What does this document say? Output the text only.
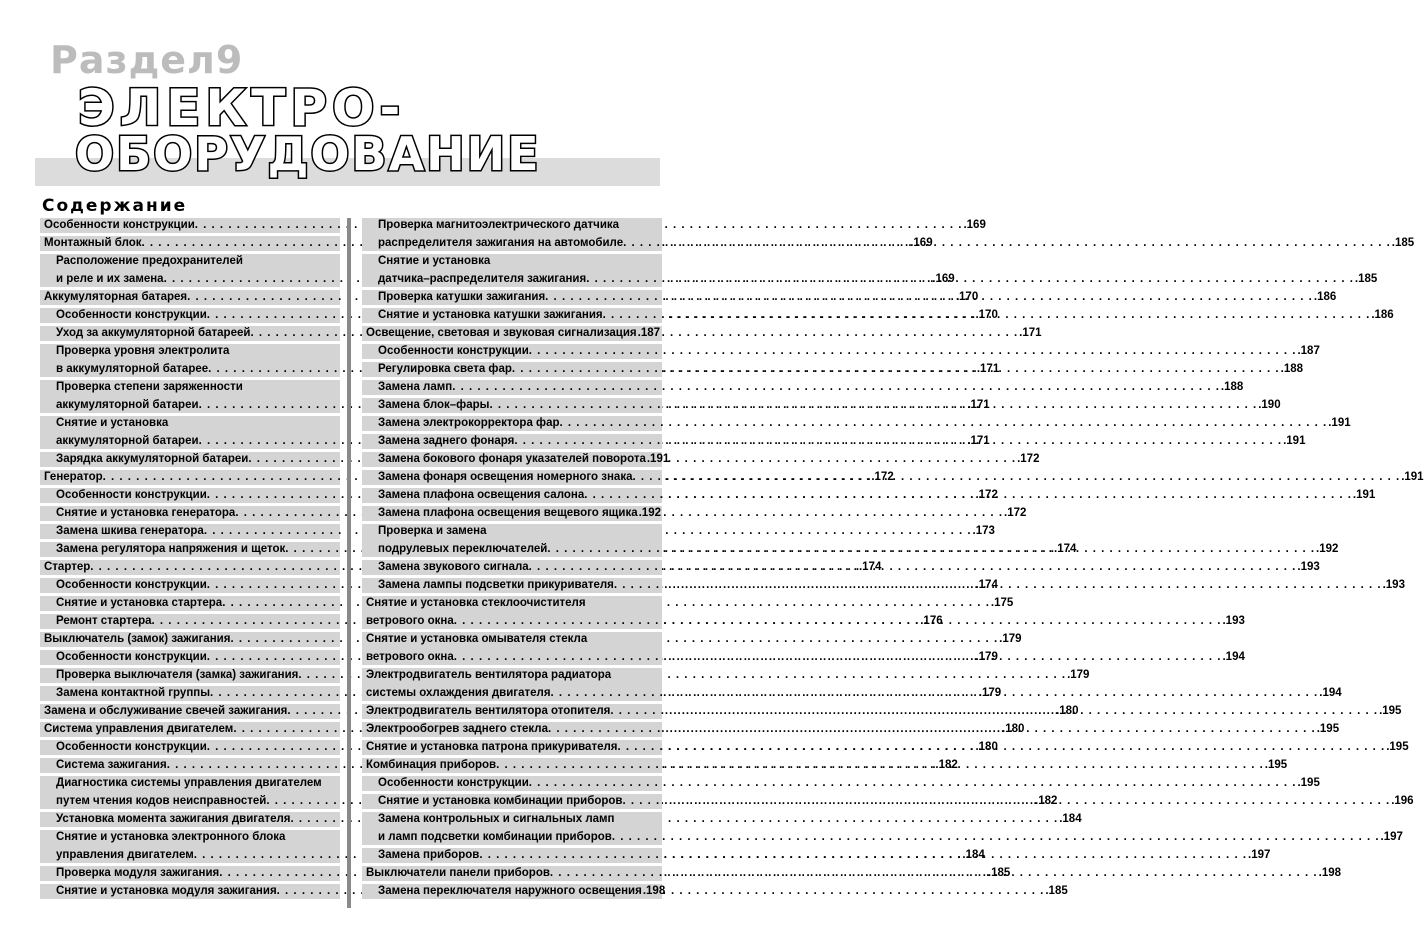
Раздел9
ЭЛЕКТРО-
ОБОРУДОВАНИЕ
Содержание
Особенности конструкции . . .	.169
Монтажный блок . . .	.169
Расположение предохранителей
и реле и их замена . . .	.169
Аккумуляторная батарея . . .	.170
Особенности конструкции . . .	.170
Уход за аккумуляторной батареей . . .	.171
Проверка уровня электролита
в аккумуляторной батарее . . .	.171
Проверка степени заряженности
аккумуляторной батареи . . .	.171
Снятие и установка
аккумуляторной батареи . . .	.171
Зарядка аккумуляторной батареи . . .	.172
Генератор . . .	.172
Особенности конструкции . . .	.172
Снятие и установка генератора . . .	.172
Замена шкива генератора . . .	.173
Замена регулятора напряжения и щеток . . .	.174
Стартер . . .	.174
Особенности конструкции . . .	.174
Снятие и установка стартера . . .	.175
Ремонт стартера . . .	.176
Выключатель (замок) зажигания . . .	.179
Особенности конструкции . . .	.179
Проверка выключателя (замка) зажигания . . .	.179
Замена контактной группы . . .	.179
Замена и обслуживание свечей зажигания . . .	.180
Система управления двигателем . . .	.180
Особенности конструкции . . .	.180
Система зажигания . . .	.182
Диагностика системы управления двигателем
путем чтения кодов неисправностей . . .	.182
Установка момента зажигания двигателя . . .	.184
Снятие и установка электронного блока
управления двигателем . . .	.184
Проверка модуля зажигания . . .	.185
Снятие и установка модуля зажигания . . .	.185
Проверка магнитоэлектрического датчика
распределителя зажигания на автомобиле . . .	.185
Снятие и установка
датчика–распределителя зажигания . . .	.185
Проверка катушки зажигания . . .	.186
Снятие и установка катушки зажигания . . .	.186
Освещение, световая и звуковая сигнализация .187
Особенности конструкции . . .	.187
Регулировка света фар . . .	.188
Замена ламп . . .	.188
Замена блок–фары . . .	.190
Замена электрокорректора фар . . .	.191
Замена заднего фонаря . . .	.191
Замена бокового фонаря указателей поворота .191
Замена фонаря освещения номерного знака . . .	.191
Замена плафона освещения салона . . .	.191
Замена плафона освещения вещевого ящика .192
Проверка и замена
подрулевых переключателей . . .	.192
Замена звукового сигнала . . .	.193
Замена лампы подсветки прикуривателя . . .	.193
Снятие и установка стеклоочистителя
ветрового окна . . .	.193
Снятие и установка омывателя стекла
ветрового окна . . .	.194
Электродвигатель вентилятора радиатора
системы охлаждения двигателя . . .	.194
Электродвигатель вентилятора отопителя . . .	.195
Электрообогрев заднего стекла . . .	.195
Снятие и установка патрона прикуривателя . . .	.195
Комбинация приборов . . .	.195
Особенности конструкции . . .	.195
Снятие и установка комбинации приборов . . .	.196
Замена контрольных и сигнальных ламп
и ламп подсветки комбинации приборов . . .	.197
Замена приборов . . .	.197
Выключатели панели приборов . . .	.198
Замена переключателя наружного освещения .198
